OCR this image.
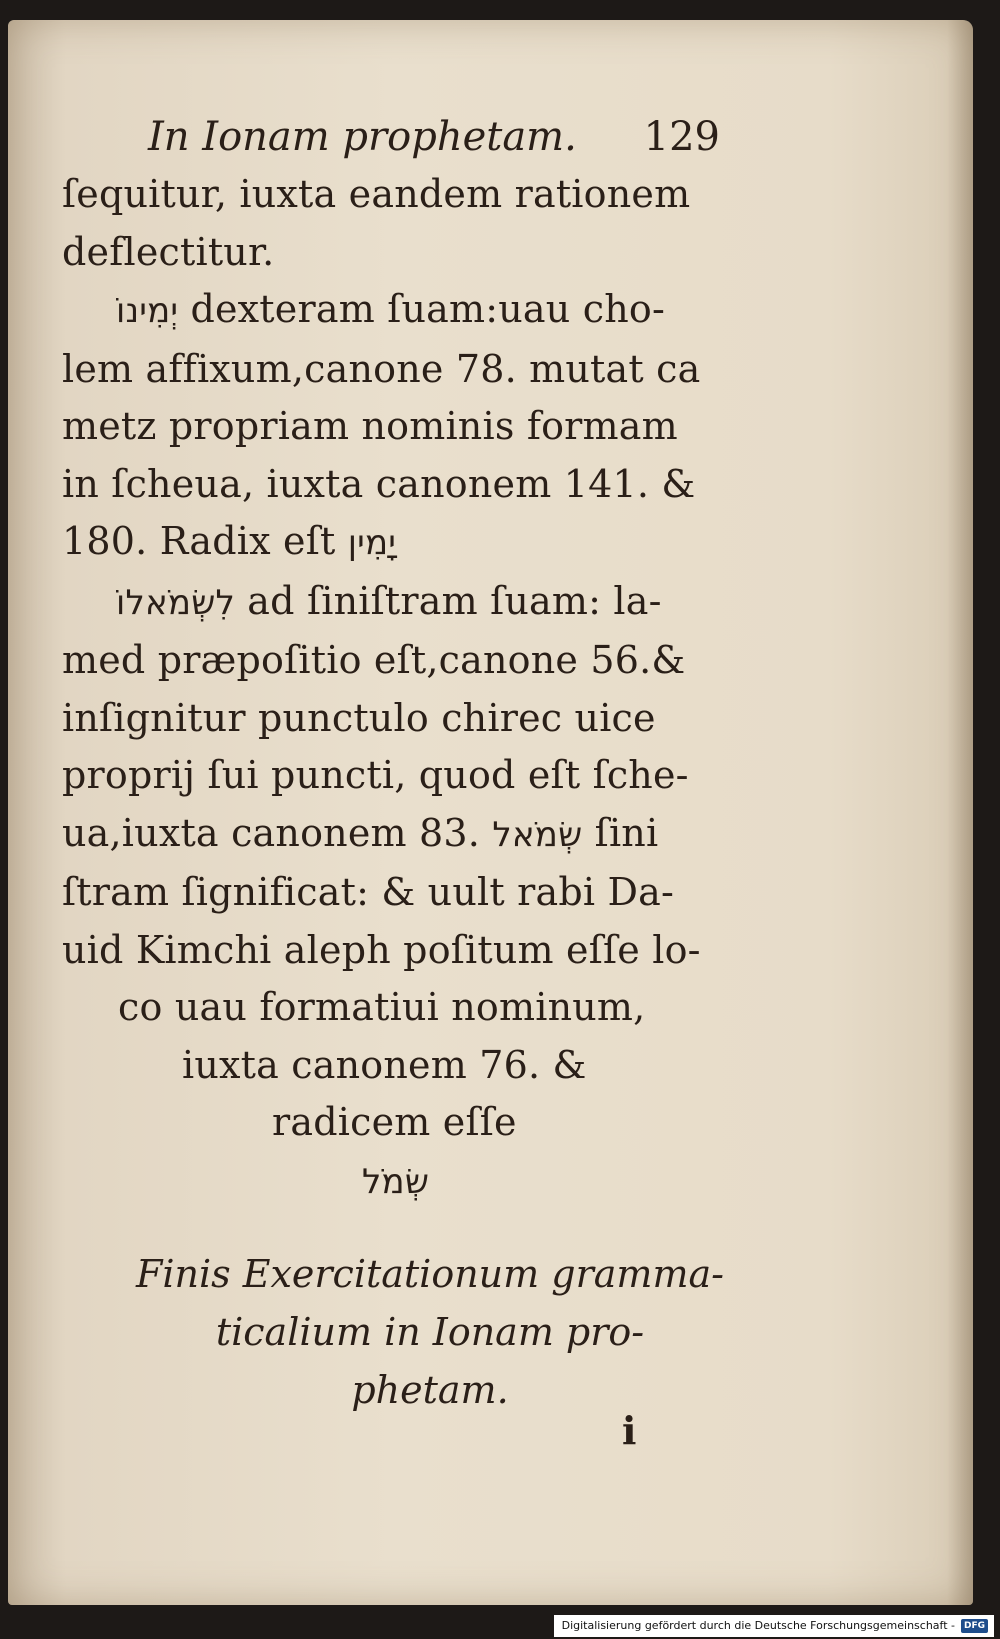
In Ionam prophetam. 129
ſequitur, iuxta eandem rationem
deflectitur.
יְמִינוֹ dexteram ſuam:uau cho-
lem affixum,canone 78. mutat ca
metz propriam nominis formam
in ſcheua, iuxta canonem 141. &
180. Radix eſt יָמִין
לִשְׂמֹאלוֹ ad ſiniſtram ſuam: la-
med præpoſitio eſt,canone 56.&
inſignitur punctulo chirec uice
proprij ſui puncti, quod eſt ſche-
ua,iuxta canonem 83. שְׂמֹאל ſini
ſtram ſignificat: & uult rabi Da-
uid Kimchi aleph poſitum eſſe lo-
co uau formatiui nominum,
iuxta canonem 76. &
radicem eſſe
שְׂמֹל
Finis Exercitationum gramma-
ticalium in Ionam pro-
phetam.
i
Digitalisierung gefördert durch die Deutsche Forschungsgemeinschaft -	DFG
